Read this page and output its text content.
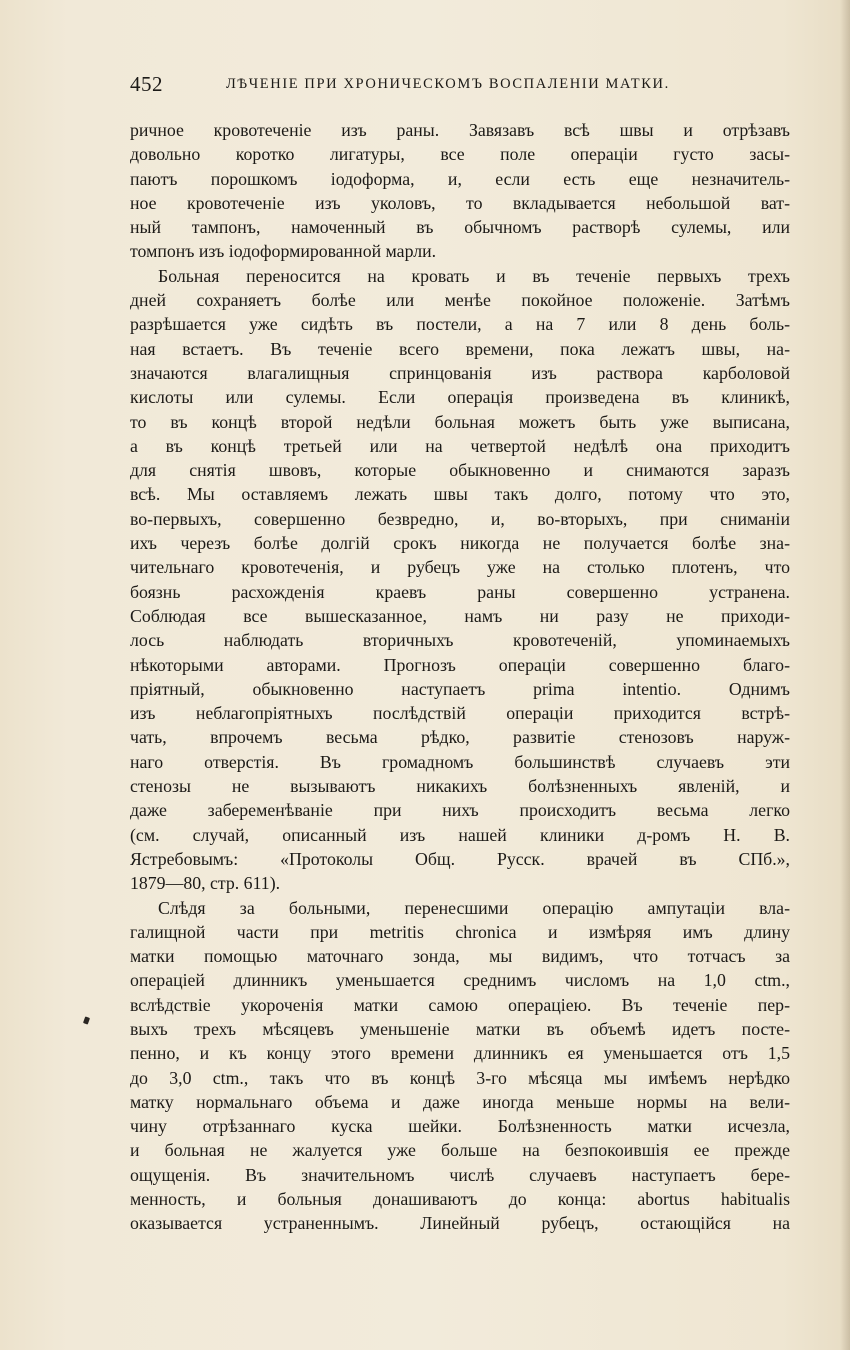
452	ЛѢЧЕНІЕ ПРИ ХРОНИЧЕСКОМЪ ВОСПАЛЕНІИ МАТКИ.
ричное кровотеченіе изъ раны. Завязавъ всѣ швы и отрѣзавъ
довольно коротко лигатуры, все поле операціи густо засы-
паютъ порошкомъ іодоформа, и, если есть еще незначитель-
ное кровотеченіе изъ уколовъ, то вкладывается небольшой ват-
ный тампонъ, намоченный въ обычномъ растворѣ сулемы, или
томпонъ изъ іодоформированной марли.
Больная переносится на кровать и въ теченіе первыхъ трехъ
дней сохраняетъ болѣе или менѣе покойное положеніе. Затѣмъ
разрѣшается уже сидѣть въ постели, а на 7 или 8 день боль-
ная встаетъ. Въ теченіе всего времени, пока лежатъ швы, на-
значаются влагалищныя спринцованія изъ раствора карболовой
кислоты или сулемы. Если операція произведена въ клиникѣ,
то въ концѣ второй недѣли больная можетъ быть уже выписана,
а въ концѣ третьей или на четвертой недѣлѣ она приходитъ
для снятія швовъ, которые обыкновенно и снимаются заразъ
всѣ. Мы оставляемъ лежать швы такъ долго, потому что это,
во-первыхъ, совершенно безвредно, и, во-вторыхъ, при сниманіи
ихъ черезъ болѣе долгій срокъ никогда не получается болѣе зна-
чительнаго кровотеченія, и рубецъ уже на столько плотенъ, что
боязнь расхожденія краевъ раны совершенно устранена.
Соблюдая все вышесказанное, намъ ни разу не приходи-
лось наблюдать вторичныхъ кровотеченій, упоминаемыхъ
нѣкоторыми авторами. Прогнозъ операціи совершенно благо-
пріятный, обыкновенно наступаетъ prima intentio. Однимъ
изъ неблагопріятныхъ послѣдствій операціи приходится встрѣ-
чать, впрочемъ весьма рѣдко, развитіе стенозовъ наруж-
наго отверстія. Въ громадномъ большинствѣ случаевъ эти
стенозы не вызываютъ никакихъ болѣзненныхъ явленій, и
даже забеременѣваніе при нихъ происходитъ весьма легко
(см. случай, описанный изъ нашей клиники д-ромъ Н. В.
Ястребовымъ: «Протоколы Общ. Русск. врачей въ СПб.»,
1879—80, стр. 611).
Слѣдя за больными, перенесшими операцію ампутаціи вла-
галищной части при metritis chronica и измѣряя имъ длину
матки помощью маточнаго зонда, мы видимъ, что тотчасъ за
операціей длинникъ уменьшается среднимъ числомъ на 1,0 ctm.,
вслѣдствіе укороченія матки самою операціею. Въ теченіе пер-
выхъ трехъ мѣсяцевъ уменьшеніе матки въ объемѣ идетъ посте-
пенно, и къ концу этого времени длинникъ ея уменьшается отъ 1,5
до 3,0 ctm., такъ что въ концѣ 3-го мѣсяца мы имѣемъ нерѣдко
матку нормальнаго объема и даже иногда меньше нормы на вели-
чину отрѣзаннаго куска шейки. Болѣзненность матки исчезла,
и больная не жалуется уже больше на безпокоившія ее прежде
ощущенія. Въ значительномъ числѣ случаевъ наступаетъ бере-
менность, и больныя донашиваютъ до конца: abortus habitualis
оказывается устраненнымъ. Линейный рубецъ, остающійся на
